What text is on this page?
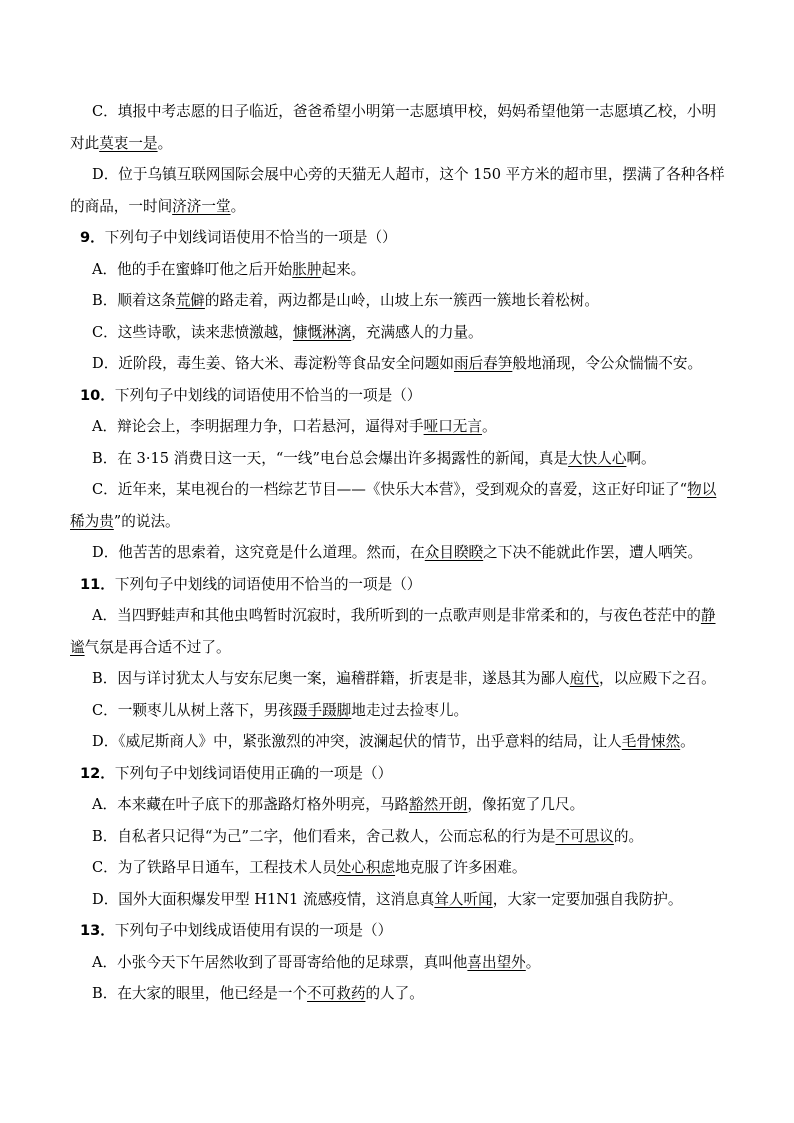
C．填报中考志愿的日子临近，爸爸希望小明第一志愿填甲校，妈妈希望他第一志愿填乙校，小明
对此莫衷一是。
D．位于乌镇互联网国际会展中心旁的天猫无人超市，这个 150 平方米的超市里，摆满了各种各样
的商品，一时间济济一堂。
9．下列句子中划线词语使用不恰当的一项是（）
A．他的手在蜜蜂叮他之后开始胀肿起来。
B．顺着这条荒僻的路走着，两边都是山岭，山坡上东一簇西一簇地长着松树。
C．这些诗歌，读来悲愤激越，慷慨淋漓，充满感人的力量。
D．近阶段，毒生姜、铬大米、毒淀粉等食品安全问题如雨后春笋般地涌现，令公众惴惴不安。
10．下列句子中划线的词语使用不恰当的一项是（）
A．辩论会上，李明据理力争，口若悬河，逼得对手哑口无言。
B．在 3·15 消费日这一天，“一线”电台总会爆出许多揭露性的新闻，真是大快人心啊。
C．近年来，某电视台的一档综艺节目——《快乐大本营》，受到观众的喜爱，这正好印证了“物以
稀为贵”的说法。
D．他苦苦的思索着，这究竟是什么道理。然而，在众目睽睽之下决不能就此作罢，遭人哂笑。
11．下列句子中划线的词语使用不恰当的一项是（）
A．当四野蛙声和其他虫鸣暂时沉寂时，我所听到的一点歌声则是非常柔和的，与夜色苍茫中的静
谧气氛是再合适不过了。
B．因与详讨犹太人与安东尼奥一案，遍稽群籍，折衷是非，遂恳其为鄙人庖代，以应殿下之召。
C．一颗枣儿从树上落下，男孩蹑手蹑脚地走过去捡枣儿。
D．《威尼斯商人》中，紧张激烈的冲突，波澜起伏的情节，出乎意料的结局，让人毛骨悚然。
12．下列句子中划线词语使用正确的一项是（）
A．本来藏在叶子底下的那盏路灯格外明亮，马路豁然开朗，像拓宽了几尺。
B．自私者只记得“为己”二字，他们看来，舍己救人，公而忘私的行为是不可思议的。
C．为了铁路早日通车，工程技术人员处心积虑地克服了许多困难。
D．国外大面积爆发甲型 H1N1 流感疫情，这消息真耸人听闻，大家一定要加强自我防护。
13．下列句子中划线成语使用有误的一项是（）
A．小张今天下午居然收到了哥哥寄给他的足球票，真叫他喜出望外。
B．在大家的眼里，他已经是一个不可救药的人了。
